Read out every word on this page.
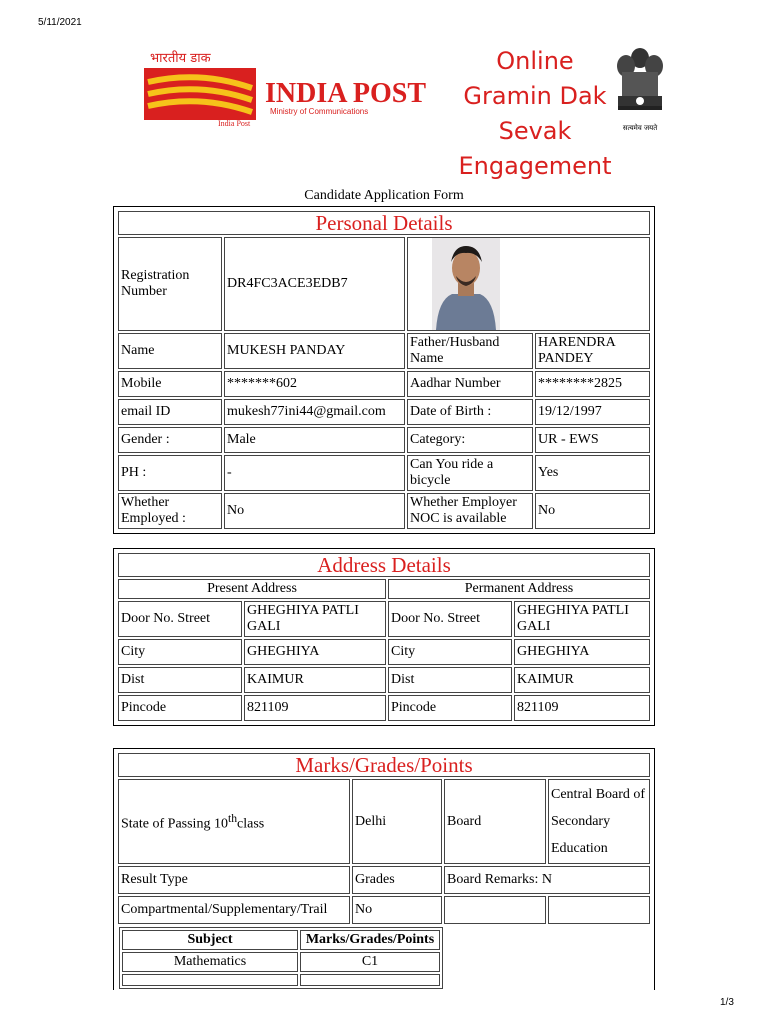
5/11/2021
भारतीय डाक
India Post
INDIA POST
Ministry of Communications
Online
Gramin Dak
Sevak
Engagement
सत्यमेव जयते
Candidate Application Form
Personal Details			
Registration Number	DR4FC3ACE3EDB7	

Name	MUKESH PANDAY	Father/Husband Name	HARENDRA PANDEY
Mobile	*******602	Aadhar Number	********2825
email ID	mukesh77ini44@gmail.com	Date of Birth :	19/12/1997
Gender :	Male	Category:	UR - EWS
PH :	-	Can You ride a bicycle	Yes
Whether Employed :	No	Whether Employer NOC is available	No
Address Details			
Present Address		Permanent Address	
Door No. Street	GHEGHIYA PATLI GALI	Door No. Street	GHEGHIYA PATLI GALI
City	GHEGHIYA	City	GHEGHIYA
Dist	KAIMUR	Dist	KAIMUR
Pincode	821109	Pincode	821109
Marks/Grades/Points
State of Passing 10thclass	Delhi	Board	Central Board of Secondary Education
Result Type	Grades	Board Remarks: N
Compartmental/Supplementary/Trail	No		

Subject	Marks/Grades/Points
Mathematics	C1

1/3
